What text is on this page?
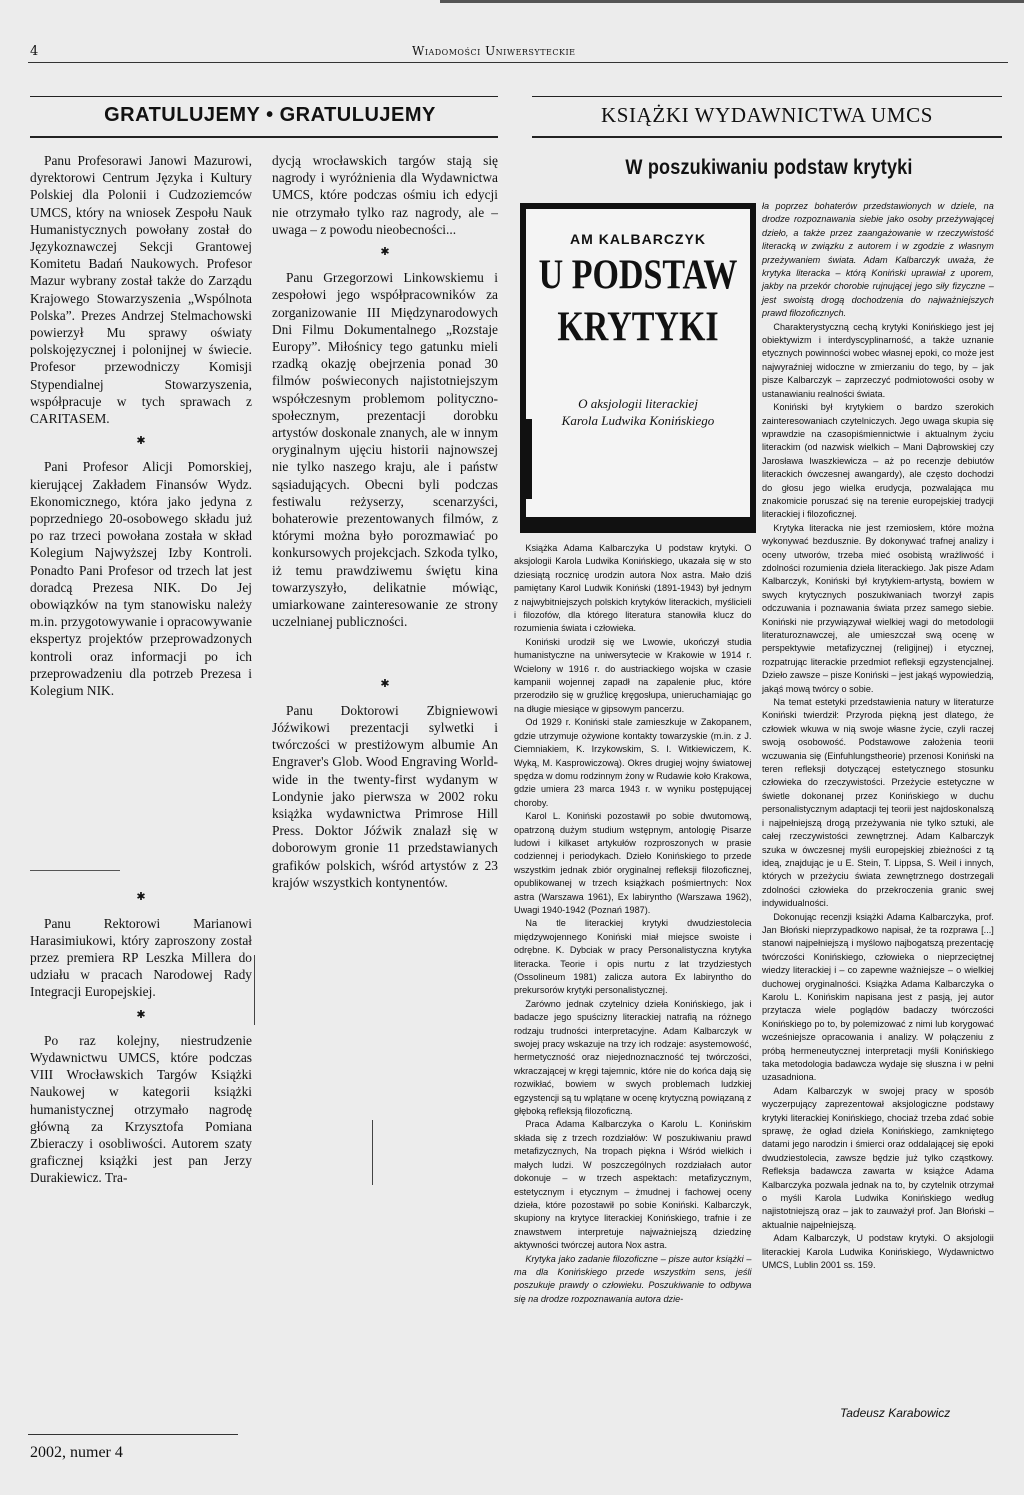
4	Wiadomości Uniwersyteckie
GRATULUJEMY • GRATULUJEMY	KSIĄŻKI WYDAWNICTWA UMCS

Panu Profesorawi Janowi Mazurowi, dyrektorowi Centrum Języka i Kultury Polskiej dla Polonii i Cudzoziemców UMCS, który na wniosek Zespołu Nauk Humanistycznych powołany został do Językoznawczej Sekcji Grantowej Komitetu Badań Naukowych. Profesor Mazur wybrany został także do Zarządu Krajowego Stowarzyszenia „Wspólnota Polska”. Prezes Andrzej Stelmachowski powierzył Mu sprawy oświaty polskojęzycznej i polonijnej w świecie. Profesor przewodniczy Komisji Stypendialnej Stowarzyszenia, współpracuje w tych sprawach z CARITASEM.

✱

Pani Profesor Alicji Pomorskiej, kierującej Zakładem Finansów Wydz. Ekonomicznego, która jako jedyna z poprzedniego 20-osobowego składu już po raz trzeci powołana została w skład Kolegium Najwyższej Izby Kontroli. Ponadto Pani Profesor od trzech lat jest doradcą Prezesa NIK. Do Jej obowiązków na tym stanowisku należy m.in. przygotowywanie i opracowywanie ekspertyz projektów przeprowadzonych kontroli oraz informacji po ich przeprowadzeniu dla potrzeb Prezesa i Kolegium NIK.

✱

Panu Rektorowi Marianowi Harasimiukowi, który zaproszony został przez premiera RP Leszka Millera do udziału w pracach Narodowej Rady Integracji Europejskiej.

✱

Po raz kolejny, niestrudzenie Wydawnictwu UMCS, które podczas VIII Wrocławskich Targów Książki Naukowej w kategorii książki humanistycznej otrzymało nagrodę główną za Krzysztofa Pomiana Zbieraczy i osobliwości. Autorem szaty graficznej książki jest pan Jerzy Durakiewicz. Tra-

dycją wrocławskich targów stają się nagrody i wyróżnienia dla Wydawnictwa UMCS, które podczas ośmiu ich edycji nie otrzymało tylko raz nagrody, ale – uwaga – z powodu nieobecności...

✱

Panu Grzegorzowi Linkowskiemu i zespołowi jego współpracowników za zorganizowanie III Międzynarodowych Dni Filmu Dokumentalnego „Rozstaje Europy”. Miłośnicy tego gatunku mieli rzadką okazję obejrzenia ponad 30 filmów poświeconych najistotniejszym współczesnym problemom polityczno-społecznym, prezentacji dorobku artystów doskonale znanych, ale w innym oryginalnym ujęciu historii najnowszej nie tylko naszego kraju, ale i państw sąsiadujących. Obecni byli podczas festiwalu reżyserzy, scenarzyści, bohaterowie prezentowanych filmów, z którymi można było porozmawiać po konkursowych projekcjach. Szkoda tylko, iż temu prawdziwemu świętu kina towarzyszyło, delikatnie mówiąc, umiarkowane zainteresowanie ze strony uczelnianej publiczności.

✱

Panu Doktorowi Zbigniewowi Jóźwikowi prezentacji sylwetki i twórczości w prestiżowym albumie An Engraver's Glob. Wood Engraving World-wide in the twenty-first wydanym w Londynie jako pierwsza w 2002 roku książka wydawnictwa Primrose Hill Press. Doktor Jóźwik znalazł się w doborowym gronie 11 przedstawianych grafików polskich, wśród artystów z 23 krajów wszystkich kontynentów.

W poszukiwaniu podstaw krytyki
AM KALBARCZYK
U PODSTAW
KRYTYKI
O aksjologii literackiej
Karola Ludwika Konińskiego

Książka Adama Kalbarczyka U podstaw krytyki. O aksjologii Karola Ludwika Konińskiego, ukazała się w sto dziesiątą rocznicę urodzin autora Nox astra. Mało dziś pamiętany Karol Ludwik Koniński (1891-1943) był jednym z najwybitniejszych polskich krytyków literackich, myślicieli i filozofów, dla którego literatura stanowiła klucz do rozumienia świata i człowieka.

Koniński urodził się we Lwowie, ukończył studia humanistyczne na uniwersytecie w Krakowie w 1914 r. Wcielony w 1916 r. do austriackiego wojska w czasie kampanii wojennej zapadł na zapalenie płuc, które przerodziło się w gruźlicę kręgosłupa, unieruchamiając go na długie miesiące w gipsowym pancerzu.

Od 1929 r. Koniński stale zamieszkuje w Zakopanem, gdzie utrzymuje ożywione kontakty towarzyskie (m.in. z J. Ciemniakiem, K. Irzykowskim, S. I. Witkiewiczem, K. Wyką, M. Kasprowiczową). Okres drugiej wojny światowej spędza w domu rodzinnym żony w Rudawie koło Krakowa, gdzie umiera 23 marca 1943 r. w wyniku postępującej choroby.

Karol L. Koniński pozostawił po sobie dwutomową, opatrzoną dużym studium wstępnym, antologię Pisarze ludowi i kilkaset artykułów rozproszonych w prasie codziennej i periodykach. Dzieło Konińskiego to przede wszystkim jednak zbiór oryginalnej refleksji filozoficznej, opublikowanej w trzech książkach pośmiertnych: Nox astra (Warszawa 1961), Ex labiryntho (Warszawa 1962), Uwagi 1940-1942 (Poznań 1987).

Na tle literackiej krytyki dwudziestolecia międzywojennego Koniński miał miejsce swoiste i odrębne. K. Dybciak w pracy Personalistyczna krytyka literacka. Teorie i opis nurtu z lat trzydziestych (Ossolineum 1981) zalicza autora Ex labiryntho do prekursorów krytyki personalistycznej.

Zarówno jednak czytelnicy dzieła Konińskiego, jak i badacze jego spuścizny literackiej natrafią na różnego rodzaju trudności interpretacyjne. Adam Kalbarczyk w swojej pracy wskazuje na trzy ich rodzaje: asystemowość, hermetyczność oraz niejednoznaczność tej twórczości, wkraczającej w kręgi tajemnic, które nie do końca dają się rozwikłać, bowiem w swych problemach ludzkiej egzystencji są tu wplątane w ocenę krytyczną powiązaną z głęboką refleksją filozoficzną.

Praca Adama Kalbarczyka o Karolu L. Konińskim składa się z trzech rozdziałów: W poszukiwaniu prawd metafizycznych, Na tropach piękna i Wśród wielkich i małych ludzi. W poszczególnych rozdziałach autor dokonuje – w trzech aspektach: metafizycznym, estetycznym i etycznym – żmudnej i fachowej oceny dzieła, które pozostawił po sobie Koniński. Kalbarczyk, skupiony na krytyce literackiej Konińskiego, trafnie i ze znawstwem interpretuje najważniejszą dziedzinę aktywności twórczej autora Nox astra.

Krytyka jako zadanie filozoficzne – pisze autor książki – ma dla Konińskiego przede wszystkim sens, jeśli poszukuje prawdy o człowieku. Poszukiwanie to odbywa się na drodze rozpoznawania autora dzie-

ła poprzez bohaterów przedstawionych w dziele, na drodze rozpoznawania siebie jako osoby przeżywającej dzieło, a także przez zaangażowanie w rzeczywistość literacką w związku z autorem i w zgodzie z własnym przeżywaniem świata. Adam Kalbarczyk uważa, że krytyka literacka – którą Koniński uprawiał z uporem, jakby na przekór chorobie rujnującej jego siły fizyczne – jest swoistą drogą dochodzenia do najważniejszych prawd filozoficznych.

Charakterystyczną cechą krytyki Konińskiego jest jej obiektywizm i interdyscyplinarność, a także uznanie etycznych powinności wobec własnej epoki, co może jest najwyraźniej widoczne w zmierzaniu do tego, by – jak pisze Kalbarczyk – zaprzeczyć podmiotowości osoby w ustanawianiu realności świata.

Koniński był krytykiem o bardzo szerokich zainteresowaniach czytelniczych. Jego uwaga skupia się wprawdzie na czasopiśmiennictwie i aktualnym życiu literackim (od nazwisk wielkich – Mani Dąbrowskiej czy Jarosława Iwaszkiewicza – aż po recenzje debiutów literackich ówczesnej awangardy), ale często dochodzi do głosu jego wielka erudycja, pozwalająca mu znakomicie poruszać się na terenie europejskiej tradycji literackiej i filozoficznej.

Krytyka literacka nie jest rzemiosłem, które można wykonywać bezdusznie. By dokonywać trafnej analizy i oceny utworów, trzeba mieć osobistą wrażliwość i zdolności rozumienia dzieła literackiego. Jak pisze Adam Kalbarczyk, Koniński był krytykiem-artystą, bowiem w swych krytycznych poszukiwaniach tworzył zapis odczuwania i poznawania świata przez samego siebie. Koniński nie przywiązywał wielkiej wagi do metodologii literaturoznawczej, ale umieszczał swą ocenę w perspektywie metafizycznej (religijnej) i etycznej, rozpatrując literackie przedmiot refleksji egzystencjalnej. Dzieło zawsze – pisze Koniński – jest jakąś wypowiedzią, jakąś mową twórcy o sobie.

Na temat estetyki przedstawienia natury w literaturze Koniński twierdził: Przyroda piękną jest dlatego, że człowiek wkuwa w nią swoje własne życie, czyli raczej swoją osobowość. Podstawowe założenia teorii wczuwania się (Einfuhlungstheorie) przenosi Koniński na teren refleksji dotyczącej estetycznego stosunku człowieka do rzeczywistości. Przeżycie estetyczne w świetle dokonanej przez Konińskiego w duchu personalistycznym adaptacji tej teorii jest najdoskonalszą i najpełniejszą drogą przeżywania nie tylko sztuki, ale całej rzeczywistości zewnętrznej. Adam Kalbarczyk szuka w ówczesnej myśli europejskiej zbieżności z tą ideą, znajdując je u E. Stein, T. Lippsa, S. Weil i innych, których w przeżyciu świata zewnętrznego dostrzegali zdolności człowieka do przekroczenia granic swej indywidualności.

Dokonując recenzji książki Adama Kalbarczyka, prof. Jan Błoński nieprzypadkowo napisał, że ta rozprawa [...] stanowi najpełniejszą i myślowo najbogatszą prezentację twórczości Konińskiego, człowieka o nieprzeciętnej wiedzy literackiej i – co zapewne ważniejsze – o wielkiej duchowej oryginalności. Książka Adama Kalbarczyka o Karolu L. Konińskim napisana jest z pasją, jej autor przytacza wiele poglądów badaczy twórczości Konińskiego po to, by polemizować z nimi lub korygować wcześniejsze opracowania i analizy. W połączeniu z próbą hermeneutycznej interpretacji myśli Konińskiego taka metodologia badawcza wydaje się słuszna i w pełni uzasadniona.

Adam Kalbarczyk w swojej pracy w sposób wyczerpujący zaprezentował aksjologiczne podstawy krytyki literackiej Konińskiego, chociaż trzeba zdać sobie sprawę, że ogład dzieła Konińskiego, zamkniętego datami jego narodzin i śmierci oraz oddalającej się epoki dwudziestolecia, zawsze będzie już tylko cząstkowy. Refleksja badawcza zawarta w książce Adama Kalbarczyka pozwala jednak na to, by czytelnik otrzymał o myśli Karola Ludwika Konińskiego według najistotniejszą oraz – jak to zauważył prof. Jan Błoński – aktualnie najpełniejszą.

Adam Kalbarczyk, U podstaw krytyki. O aksjologii literackiej Karola Ludwika Konińskiego, Wydawnictwo UMCS, Lublin 2001 ss. 159.

Tadeusz Karabowicz
2002, numer 4
